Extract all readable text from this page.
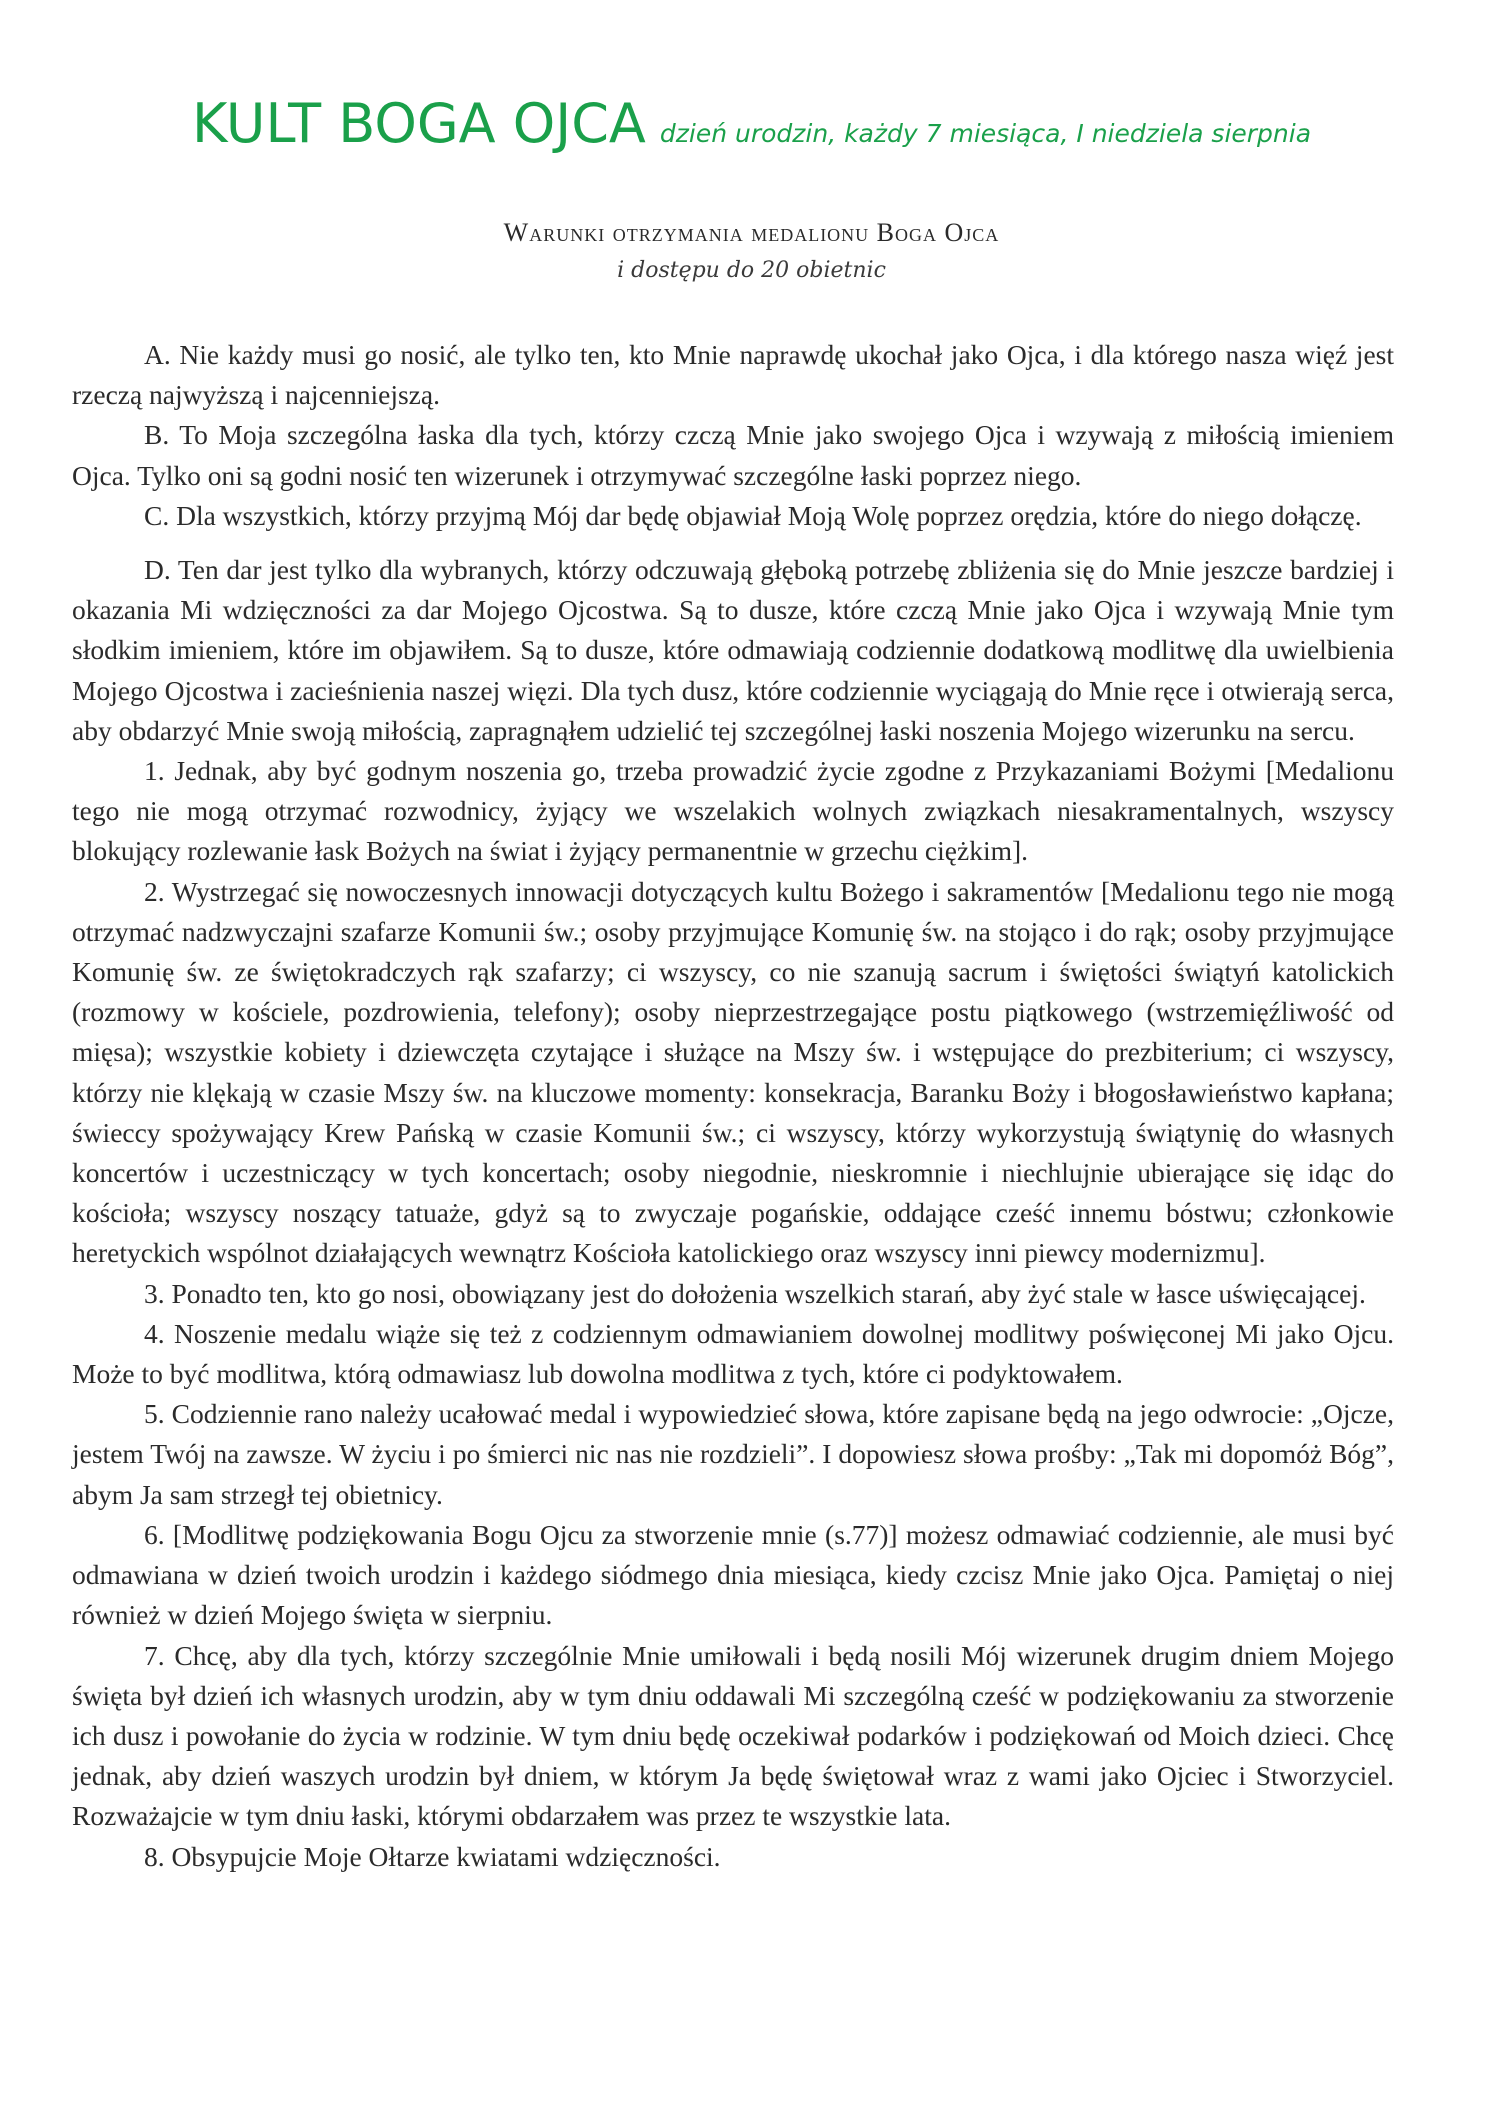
KULT BOGA OJCA dzień urodzin, każdy 7 miesiąca, I niedziela sierpnia
Warunki otrzymania medalionu Boga Ojca
i dostępu do 20 obietnic

A. Nie każdy musi go nosić, ale tylko ten, kto Mnie naprawdę ukochał jako Ojca, i dla którego nasza więź jest rzeczą najwyższą i najcenniejszą.

B. To Moja szczególna łaska dla tych, którzy czczą Mnie jako swojego Ojca i wzywają z miłością imieniem Ojca. Tylko oni są godni nosić ten wizerunek i otrzymywać szczególne łaski poprzez niego.

C. Dla wszystkich, którzy przyjmą Mój dar będę objawiał Moją Wolę poprzez orędzia, które do niego dołączę.

D. Ten dar jest tylko dla wybranych, którzy odczuwają głęboką potrzebę zbliżenia się do Mnie jeszcze bardziej i okazania Mi wdzięczności za dar Mojego Ojcostwa. Są to dusze, które czczą Mnie jako Ojca i wzywają Mnie tym słodkim imieniem, które im objawiłem. Są to dusze, które odmawiają codziennie dodatkową modlitwę dla uwielbienia Mojego Ojcostwa i zacieśnienia naszej więzi. Dla tych dusz, które codziennie wyciągają do Mnie ręce i otwierają serca, aby obdarzyć Mnie swoją miłością, zapragnąłem udzielić tej szczególnej łaski noszenia Mojego wizerunku na sercu.

1. Jednak, aby być godnym noszenia go, trzeba prowadzić życie zgodne z Przykazaniami Bożymi [Medalionu tego nie mogą otrzymać rozwodnicy, żyjący we wszelakich wolnych związkach niesakramentalnych, wszyscy blokujący rozlewanie łask Bożych na świat i żyjący permanentnie w grzechu ciężkim].

2. Wystrzegać się nowoczesnych innowacji dotyczących kultu Bożego i sakramentów [Medalionu tego nie mogą otrzymać nadzwyczajni szafarze Komunii św.; osoby przyjmujące Komunię św. na stojąco i do rąk; osoby przyjmujące Komunię św. ze świętokradczych rąk szafarzy; ci wszyscy, co nie szanują sacrum i świętości świątyń katolickich (rozmowy w kościele, pozdrowienia, telefony); osoby nieprzestrzegające postu piątkowego (wstrzemięźliwość od mięsa); wszystkie kobiety i dziewczęta czytające i służące na Mszy św. i wstępujące do prezbiterium; ci wszyscy, którzy nie klękają w czasie Mszy św. na kluczowe momenty: konsekracja, Baranku Boży i błogosławieństwo kapłana; świeccy spożywający Krew Pańską w czasie Komunii św.; ci wszyscy, którzy wykorzystują świątynię do własnych koncertów i uczestniczący w tych koncertach; osoby niegodnie, nieskromnie i niechlujnie ubierające się idąc do kościoła; wszyscy noszący tatuaże, gdyż są to zwyczaje pogańskie, oddające cześć innemu bóstwu; członkowie heretyckich wspólnot działających wewnątrz Kościoła katolickiego oraz wszyscy inni piewcy modernizmu].

3. Ponadto ten, kto go nosi, obowiązany jest do dołożenia wszelkich starań, aby żyć stale w łasce uświęcającej.

4. Noszenie medalu wiąże się też z codziennym odmawianiem dowolnej modlitwy poświęconej Mi jako Ojcu. Może to być modlitwa, którą odmawiasz lub dowolna modlitwa z tych, które ci podyktowałem.

5. Codziennie rano należy ucałować medal i wypowiedzieć słowa, które zapisane będą na jego odwrocie: „Ojcze, jestem Twój na zawsze. W życiu i po śmierci nic nas nie rozdzieli”. I dopowiesz słowa prośby: „Tak mi dopomóż Bóg”, abym Ja sam strzegł tej obietnicy.

6. [Modlitwę podziękowania Bogu Ojcu za stworzenie mnie (s.77)] możesz odmawiać codziennie, ale musi być odmawiana w dzień twoich urodzin i każdego siódmego dnia miesiąca, kiedy czcisz Mnie jako Ojca. Pamiętaj o niej również w dzień Mojego święta w sierpniu.

7. Chcę, aby dla tych, którzy szczególnie Mnie umiłowali i będą nosili Mój wizerunek drugim dniem Mojego święta był dzień ich własnych urodzin, aby w tym dniu oddawali Mi szczególną cześć w podziękowaniu za stworzenie ich dusz i powołanie do życia w rodzinie. W tym dniu będę oczekiwał podarków i podziękowań od Moich dzieci. Chcę jednak, aby dzień waszych urodzin był dniem, w którym Ja będę świętował wraz z wami jako Ojciec i Stworzyciel. Rozważajcie w tym dniu łaski, którymi obdarzałem was przez te wszystkie lata.

8. Obsypujcie Moje Ołtarze kwiatami wdzięczności.
